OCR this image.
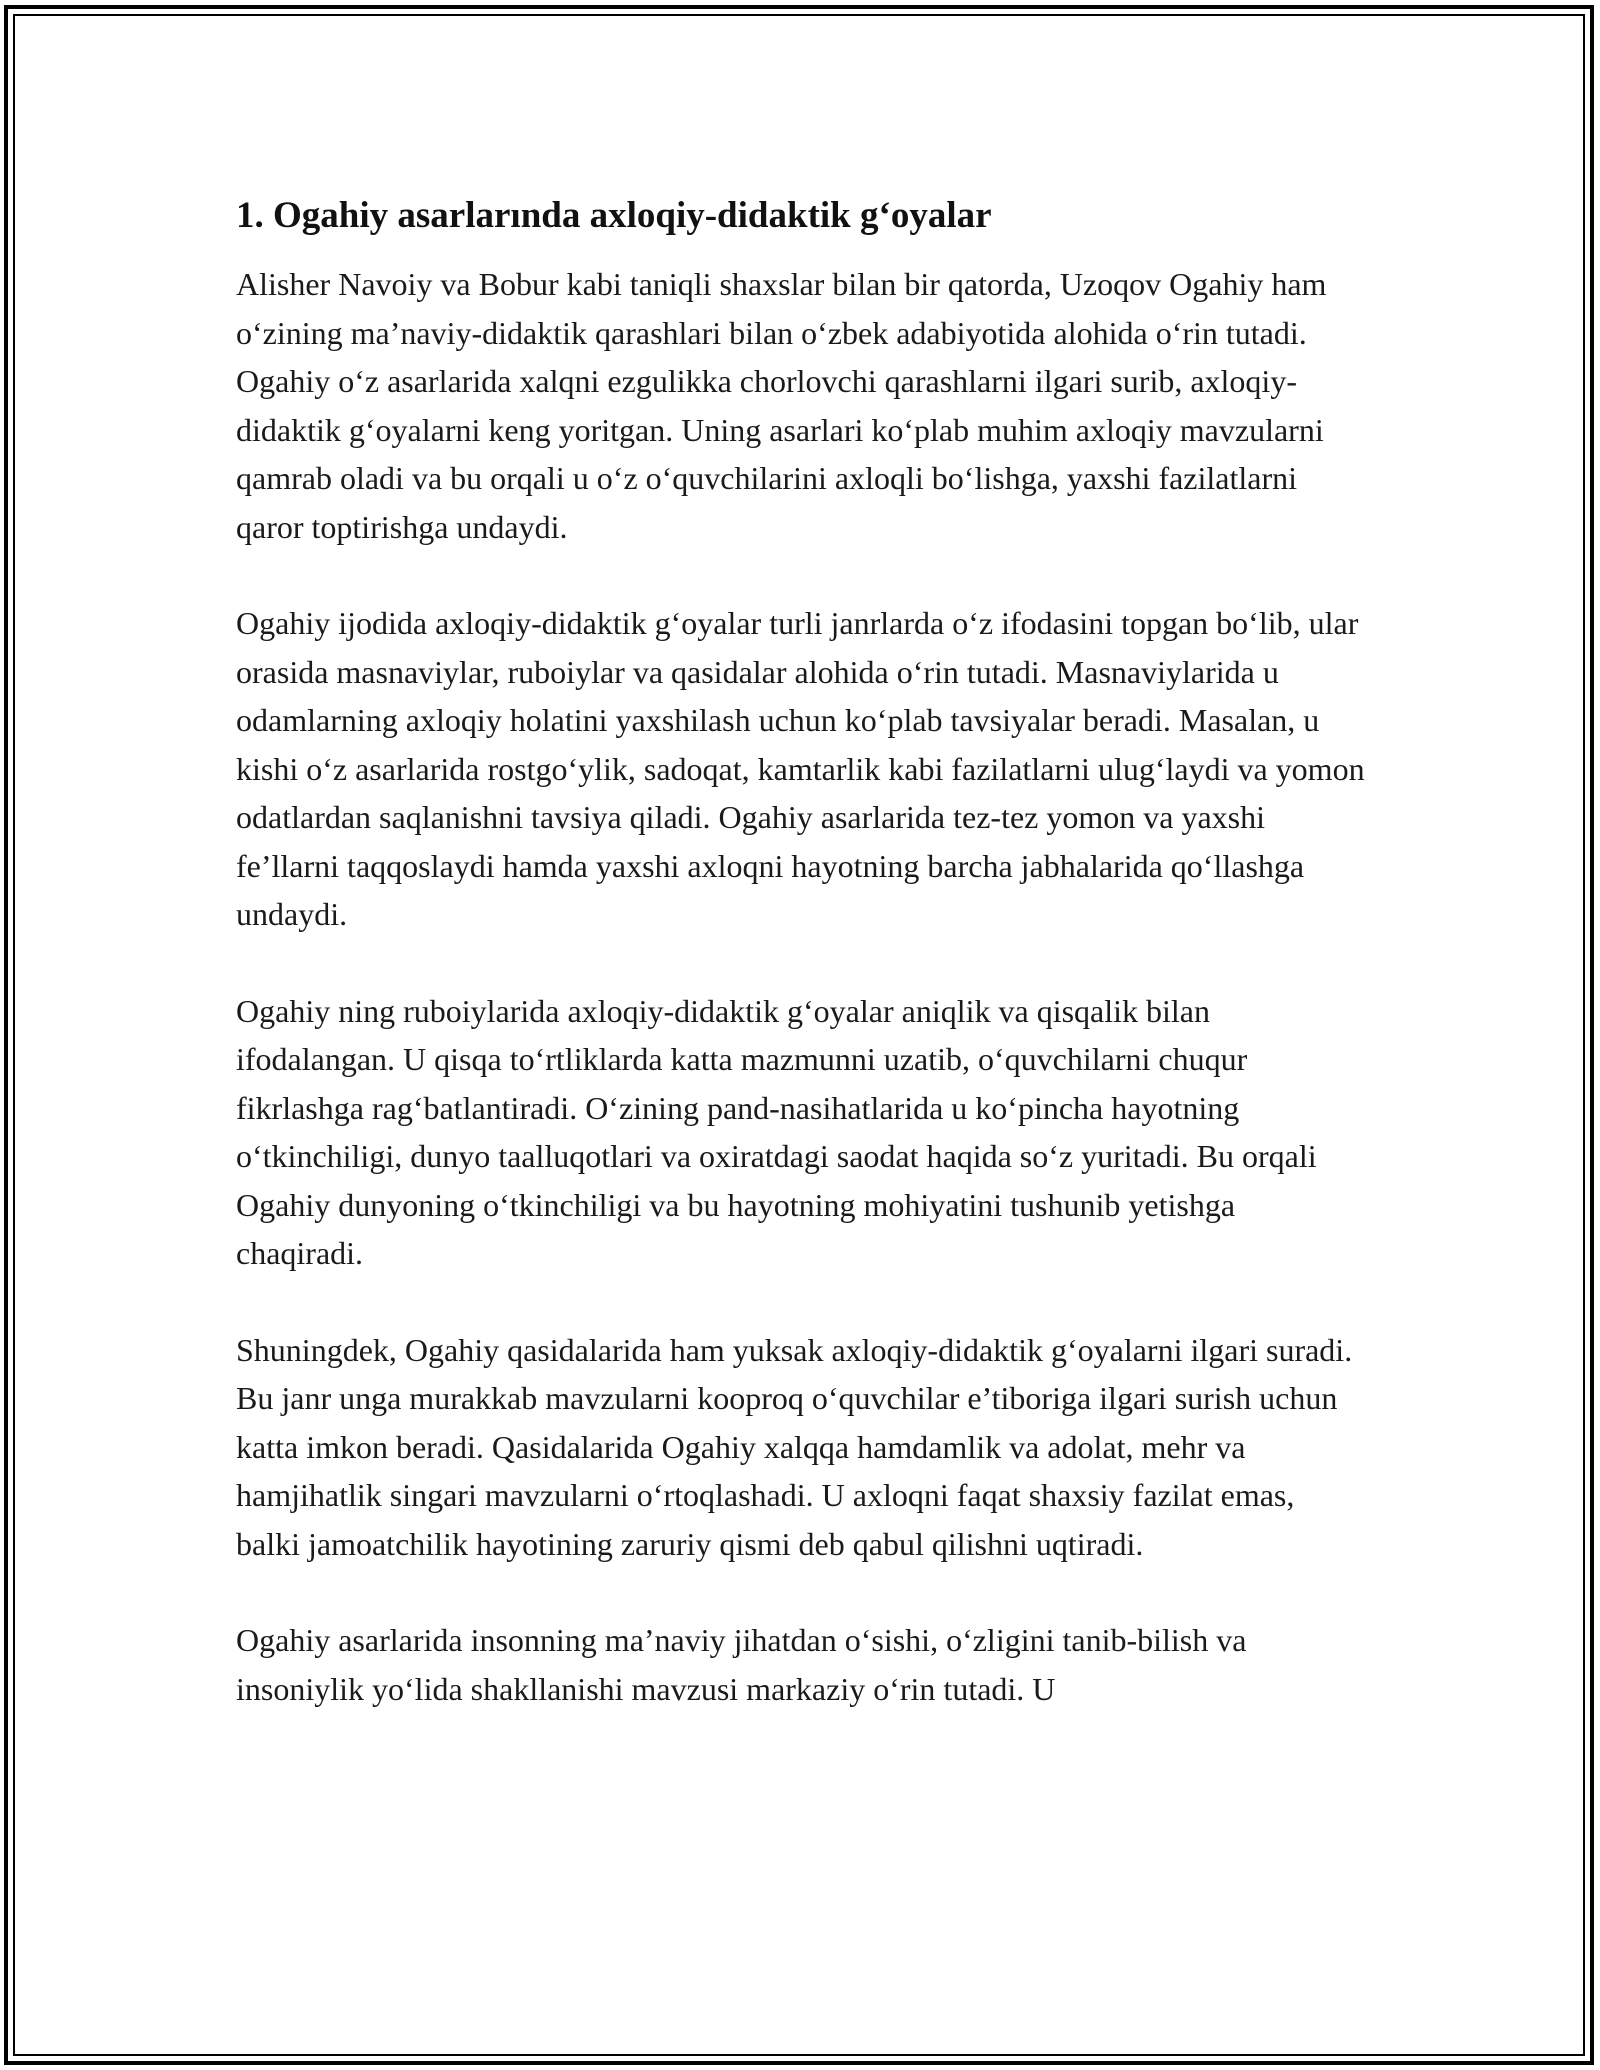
1. Ogahiy asarlarında axloqiy-didaktik g‘oyalar

Alisher Navoiy va Bobur kabi taniqli shaxslar bilan bir qatorda, Uzoqov Ogahiy ham o‘zining ma’naviy-didaktik qarashlari bilan o‘zbek adabiyotida alohida o‘rin tutadi. Ogahiy o‘z asarlarida xalqni ezgulikka chorlovchi qarashlarni ilgari surib, axloqiy-didaktik g‘oyalarni keng yoritgan. Uning asarlari ko‘plab muhim axloqiy mavzularni qamrab oladi va bu orqali u o‘z o‘quvchilarini axloqli bo‘lishga, yaxshi fazilatlarni qaror toptirishga undaydi.

Ogahiy ijodida axloqiy-didaktik g‘oyalar turli janrlarda o‘z ifodasini topgan bo‘lib, ular orasida masnaviylar, ruboiylar va qasidalar alohida o‘rin tutadi. Masnaviylarida u odamlarning axloqiy holatini yaxshilash uchun ko‘plab tavsiyalar beradi. Masalan, u kishi o‘z asarlarida rostgo‘ylik, sadoqat, kamtarlik kabi fazilatlarni ulug‘laydi va yomon odatlardan saqlanishni tavsiya qiladi. Ogahiy asarlarida tez-tez yomon va yaxshi fe’llarni taqqoslaydi hamda yaxshi axloqni hayotning barcha jabhalarida qo‘llashga undaydi.

Ogahiy ning ruboiylarida axloqiy-didaktik g‘oyalar aniqlik va qisqalik bilan ifodalangan. U qisqa to‘rtliklarda katta mazmunni uzatib, o‘quvchilarni chuqur fikrlashga rag‘batlantiradi. O‘zining pand-nasihatlarida u ko‘pincha hayotning o‘tkinchiligi, dunyo taalluqotlari va oxiratdagi saodat haqida so‘z yuritadi. Bu orqali Ogahiy dunyoning o‘tkinchiligi va bu hayotning mohiyatini tushunib yetishga chaqiradi.

Shuningdek, Ogahiy qasidalarida ham yuksak axloqiy-didaktik g‘oyalarni ilgari suradi. Bu janr unga murakkab mavzularni kooproq o‘quvchilar e’tiboriga ilgari surish uchun katta imkon beradi. Qasidalarida Ogahiy xalqqa hamdamlik va adolat, mehr va hamjihatlik singari mavzularni o‘rtoqlashadi. U axloqni faqat shaxsiy fazilat emas, balki jamoatchilik hayotining zaruriy qismi deb qabul qilishni uqtiradi.

Ogahiy asarlarida insonning ma’naviy jihatdan o‘sishi, o‘zligini tanib-bilish va insoniylik yo‘lida shakllanishi mavzusi markaziy o‘rin tutadi. U
